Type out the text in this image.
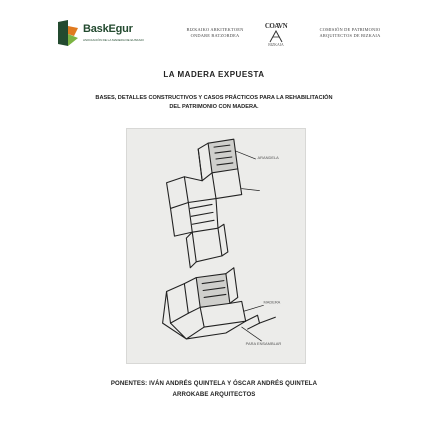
BaskEgur
ASOCIACIÓN DE LA MADERA DE EUSKADI
BIZKAIKO ARKITEKTOEN
ONDARE BATZORDEA
COAVN
BIZKAIA
COMISIÓN DE PATRIMONIO
ARQUITECTOS DE BIZKAIA
LA MADERA EXPUESTA
BASES, DETALLES CONSTRUCTIVOS Y CASOS PRÁCTICOS PARA LA REHABILITACIÓN
DEL PATRIMONIO CON MADERA.
ARANDELA
MADERA
PARA ENSAMBLAR
PONENTES: IVÁN ANDRÉS QUINTELA Y ÓSCAR ANDRÉS QUINTELA
ARROKABE ARQUITECTOS
